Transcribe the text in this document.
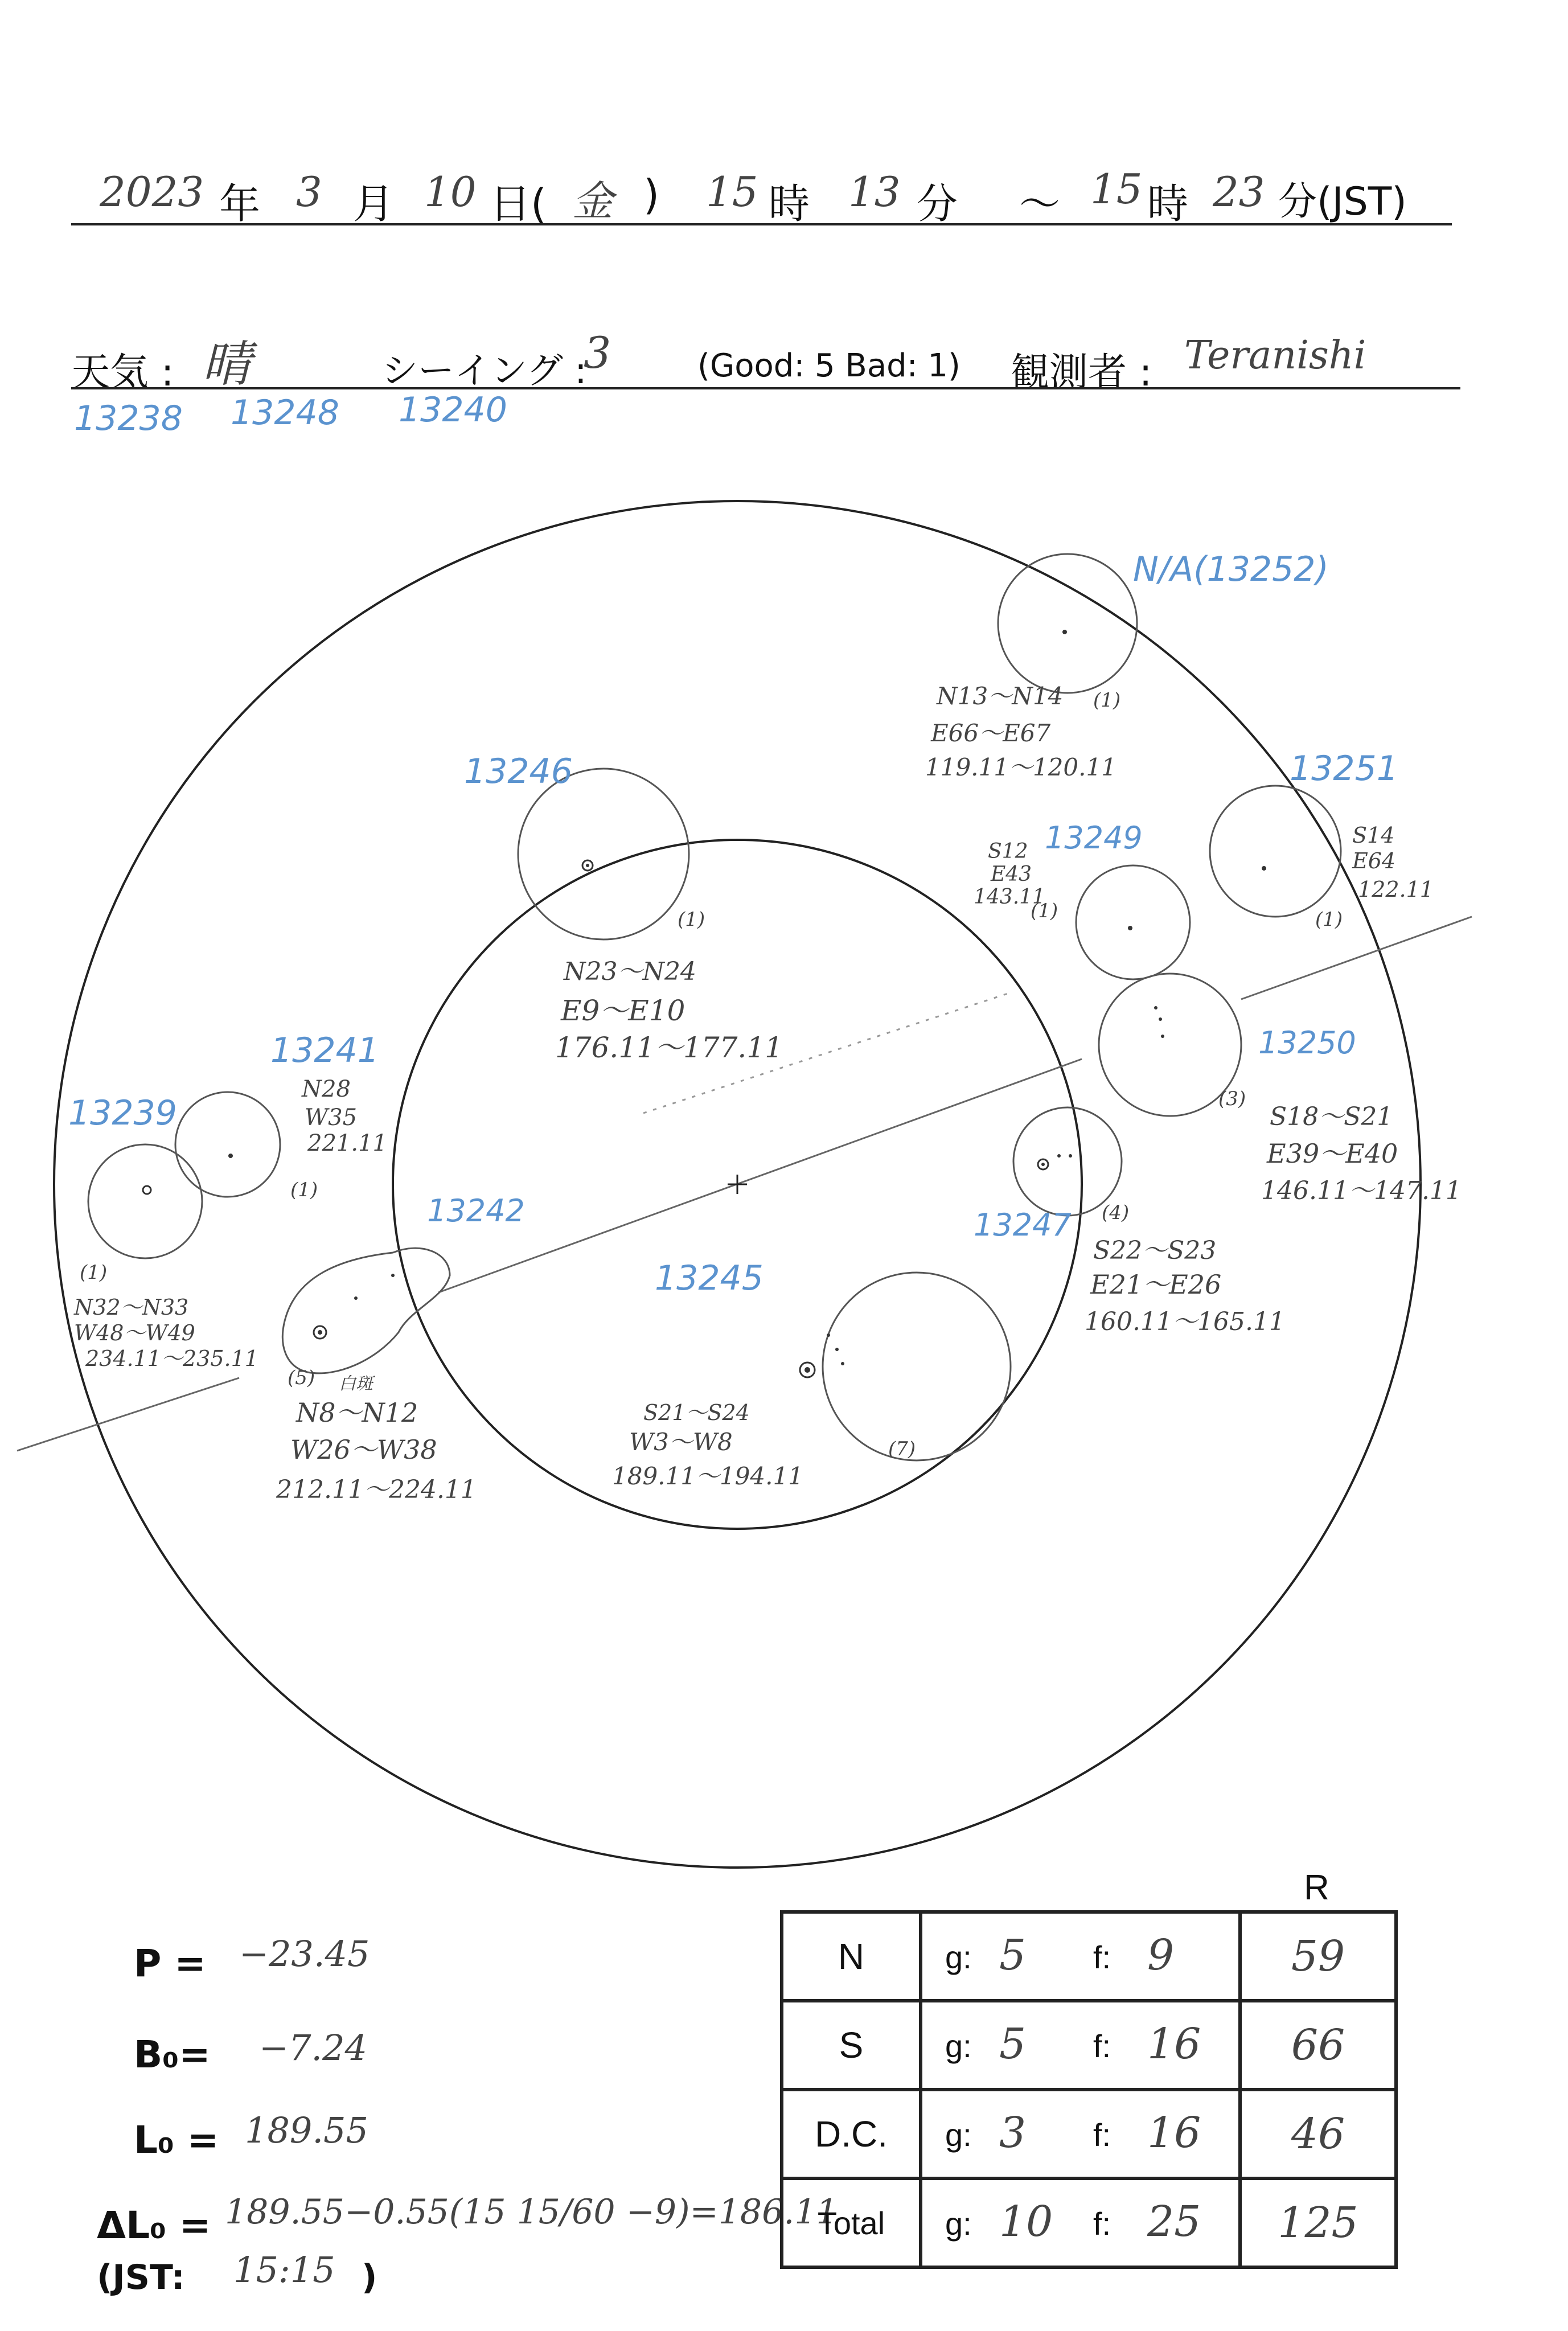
2023 年 3 月 10 日( 金 ) 15 時 13 分 ～ 15 時 23 分(JST)
天気 : 晴	シーイング :
3	(Good: 5 Bad: 1) 観測者 : Teranishi
13238 13248 13240
N/A(13252)
(1)
N13～N14
E66～E67
119.11～120.11
13246
(1)
N23～N24
E9～E10
176.11～177.11
13249
(1)
S12
E43
143.11
13251
(1)
S14
E64
122.11
13250
(3)
S18～S21
E39～E40
146.11～147.11
13241
(1)
N28
W35
221.11
13239
(1)
N32～N33
W48～W49
234.11～235.11
13242
(5) 白斑
N8～N12
W26～W38
212.11～224.11
13247 (4)
S22～S23
E21～E26
160.11～165.11
13245
(7)
S21～S24
W3～W8
189.11～194.11
P = −23.45
B₀= −7.24
L₀ = 189.55
ΔL₀ = 189.55−0.55(15 15/60 −9)=186.11
(JST: 15:15 )
R
N	g: 5 f: 9	59
S	g: 5 f: 16	66
D.C.	g: 3 f: 16	46
Total	g: 10 f: 25	125
